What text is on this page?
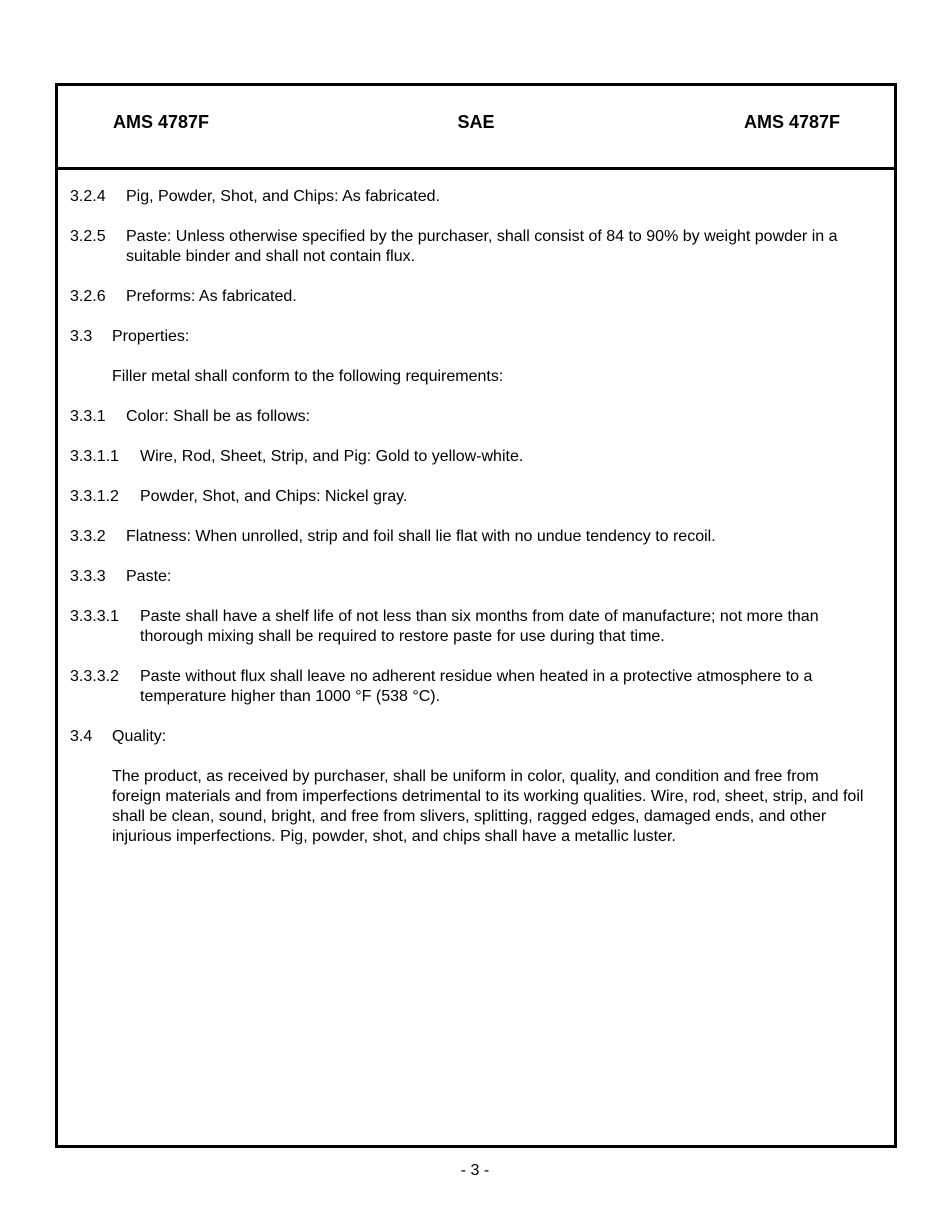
AMS 4787F	SAE	AMS 4787F
3.2.4	Pig, Powder, Shot, and Chips: As fabricated.
3.2.5	Paste: Unless otherwise specified by the purchaser, shall consist of 84 to 90% by weight powder in a suitable binder and shall not contain flux.
3.2.6	Preforms: As fabricated.
3.3	Properties:
Filler metal shall conform to the following requirements:
3.3.1	Color: Shall be as follows:
3.3.1.1	Wire, Rod, Sheet, Strip, and Pig: Gold to yellow-white.
3.3.1.2	Powder, Shot, and Chips: Nickel gray.
3.3.2	Flatness: When unrolled, strip and foil shall lie flat with no undue tendency to recoil.
3.3.3	Paste:
3.3.3.1	Paste shall have a shelf life of not less than six months from date of manufacture; not more than thorough mixing shall be required to restore paste for use during that time.
3.3.3.2	Paste without flux shall leave no adherent residue when heated in a protective atmosphere to a temperature higher than 1000 °F (538 °C).
3.4	Quality:
The product, as received by purchaser, shall be uniform in color, quality, and condition and free from foreign materials and from imperfections detrimental to its working qualities. Wire, rod, sheet, strip, and foil shall be clean, sound, bright, and free from slivers, splitting, ragged edges, damaged ends, and other injurious imperfections. Pig, powder, shot, and chips shall have a metallic luster.
- 3 -
